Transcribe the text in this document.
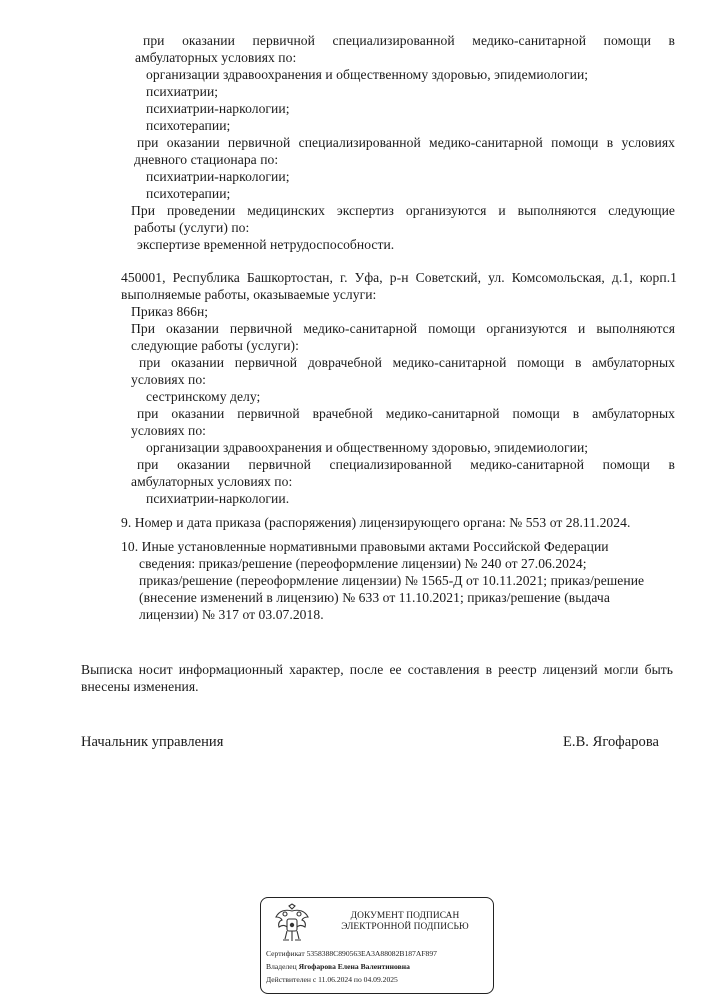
при оказании первичной специализированной медико-санитарной помощи в
амбулаторных условиях по:
организации здравоохранения и общественному здоровью, эпидемиологии;
психиатрии;
психиатрии-наркологии;
психотерапии;
при оказании первичной специализированной медико-санитарной помощи в условиях
дневного стационара по:
психиатрии-наркологии;
психотерапии;
При проведении медицинских экспертиз организуются и выполняются следующие
работы (услуги) по:
экспертизе временной нетрудоспособности.
450001, Республика Башкортостан, г. Уфа, р-н Советский, ул. Комсомольская, д.1, корп.1
выполняемые работы, оказываемые услуги:
Приказ 866н;
При оказании первичной медико-санитарной помощи организуются и выполняются
следующие работы (услуги):
при оказании первичной доврачебной медико-санитарной помощи в амбулаторных
условиях по:
сестринскому делу;
при оказании первичной врачебной медико-санитарной помощи в амбулаторных
условиях по:
организации здравоохранения и общественному здоровью, эпидемиологии;
при оказании первичной специализированной медико-санитарной помощи в
амбулаторных условиях по:
психиатрии-наркологии.
9. Номер и дата приказа (распоряжения) лицензирующего органа: № 553 от 28.11.2024.
10. Иные установленные нормативными правовыми актами Российской Федерации
сведения: приказ/решение (переоформление лицензии) № 240 от 27.06.2024;
приказ/решение (переоформление лицензии) № 1565-Д от 10.11.2021; приказ/решение
(внесение изменений в лицензию) № 633 от 11.10.2021; приказ/решение (выдача
лицензии) № 317 от 03.07.2018.
Выписка носит информационный характер, после ее составления в реестр лицензий могли быть
внесены изменения.
Начальник управления	Е.В. Ягофарова
ДОКУМЕНТ ПОДПИСАН
ЭЛЕКТРОННОЙ ПОДПИСЬЮ
Сертификат 5358388C890563EA3A88082B187AF897
Владелец Ягофарова Елена Валентиновна
Действителен с 11.06.2024 по 04.09.2025
